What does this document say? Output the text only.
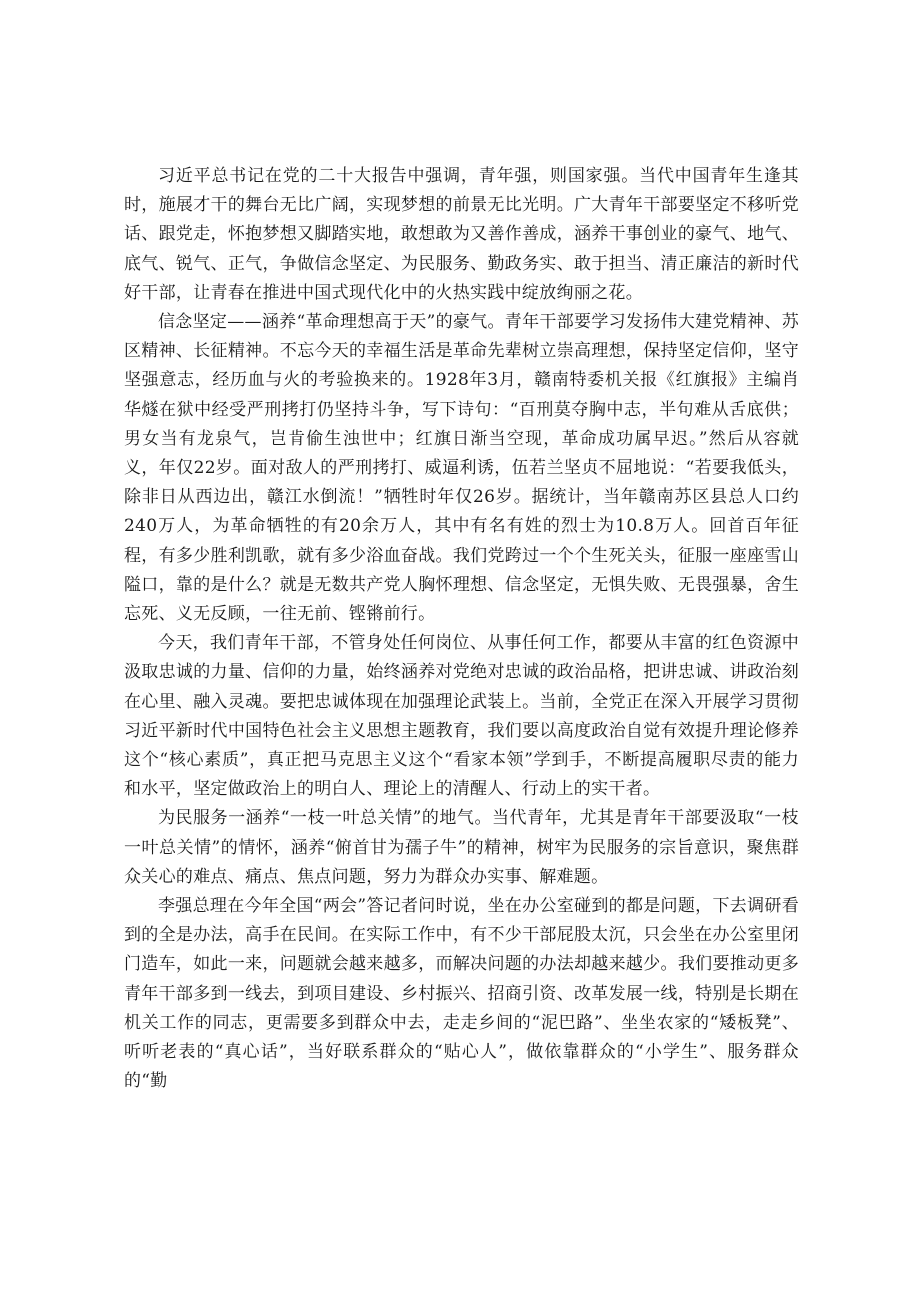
习近平总书记在党的二十大报告中强调，青年强，则国家强。当代中国青年生逢其时，施展才干的舞台无比广阔，实现梦想的前景无比光明。广大青年干部要坚定不移听党话、跟党走，怀抱梦想又脚踏实地，敢想敢为又善作善成，涵养干事创业的豪气、地气、底气、锐气、正气，争做信念坚定、为民服务、勤政务实、敢于担当、清正廉洁的新时代好干部，让青春在推进中国式现代化中的火热实践中绽放绚丽之花。

信念坚定——涵养“革命理想高于天”的豪气。青年干部要学习发扬伟大建党精神、苏区精神、长征精神。不忘今天的幸福生活是革命先辈树立崇高理想，保持坚定信仰，坚守坚强意志，经历血与火的考验换来的。1928年3月，赣南特委机关报《红旗报》主编肖华燧在狱中经受严刑拷打仍坚持斗争，写下诗句：“百刑莫夺胸中志，半句难从舌底供；男女当有龙泉气，岂肯偷生浊世中；红旗日渐当空现，革命成功属早迟。”然后从容就义，年仅22岁。面对敌人的严刑拷打、威逼利诱，伍若兰坚贞不屈地说：“若要我低头，除非日从西边出，赣江水倒流！”牺牲时年仅26岁。据统计，当年赣南苏区县总人口约240万人，为革命牺牲的有20余万人，其中有名有姓的烈士为10.8万人。回首百年征程，有多少胜利凯歌，就有多少浴血奋战。我们党跨过一个个生死关头，征服一座座雪山隘口，靠的是什么？就是无数共产党人胸怀理想、信念坚定，无惧失败、无畏强暴，舍生忘死、义无反顾，一往无前、铿锵前行。

今天，我们青年干部，不管身处任何岗位、从事任何工作，都要从丰富的红色资源中汲取忠诚的力量、信仰的力量，始终涵养对党绝对忠诚的政治品格，把讲忠诚、讲政治刻在心里、融入灵魂。要把忠诚体现在加强理论武装上。当前，全党正在深入开展学习贯彻习近平新时代中国特色社会主义思想主题教育，我们要以高度政治自觉有效提升理论修养这个“核心素质”，真正把马克思主义这个“看家本领”学到手，不断提高履职尽责的能力和水平，坚定做政治上的明白人、理论上的清醒人、行动上的实干者。

为民服务一涵养“一枝一叶总关情”的地气。当代青年，尤其是青年干部要汲取“一枝一叶总关情”的情怀，涵养“俯首甘为孺子牛”的精神，树牢为民服务的宗旨意识，聚焦群众关心的难点、痛点、焦点问题，努力为群众办实事、解难题。

李强总理在今年全国“两会”答记者问时说，坐在办公室碰到的都是问题，下去调研看到的全是办法，高手在民间。在实际工作中，有不少干部屁股太沉，只会坐在办公室里闭门造车，如此一来，问题就会越来越多，而解决问题的办法却越来越少。我们要推动更多青年干部多到一线去，到项目建设、乡村振兴、招商引资、改革发展一线，特别是长期在机关工作的同志，更需要多到群众中去，走走乡间的“泥巴路”、坐坐农家的“矮板凳”、听听老表的“真心话”，当好联系群众的“贴心人”，做依靠群众的“小学生”、服务群众的“勤
